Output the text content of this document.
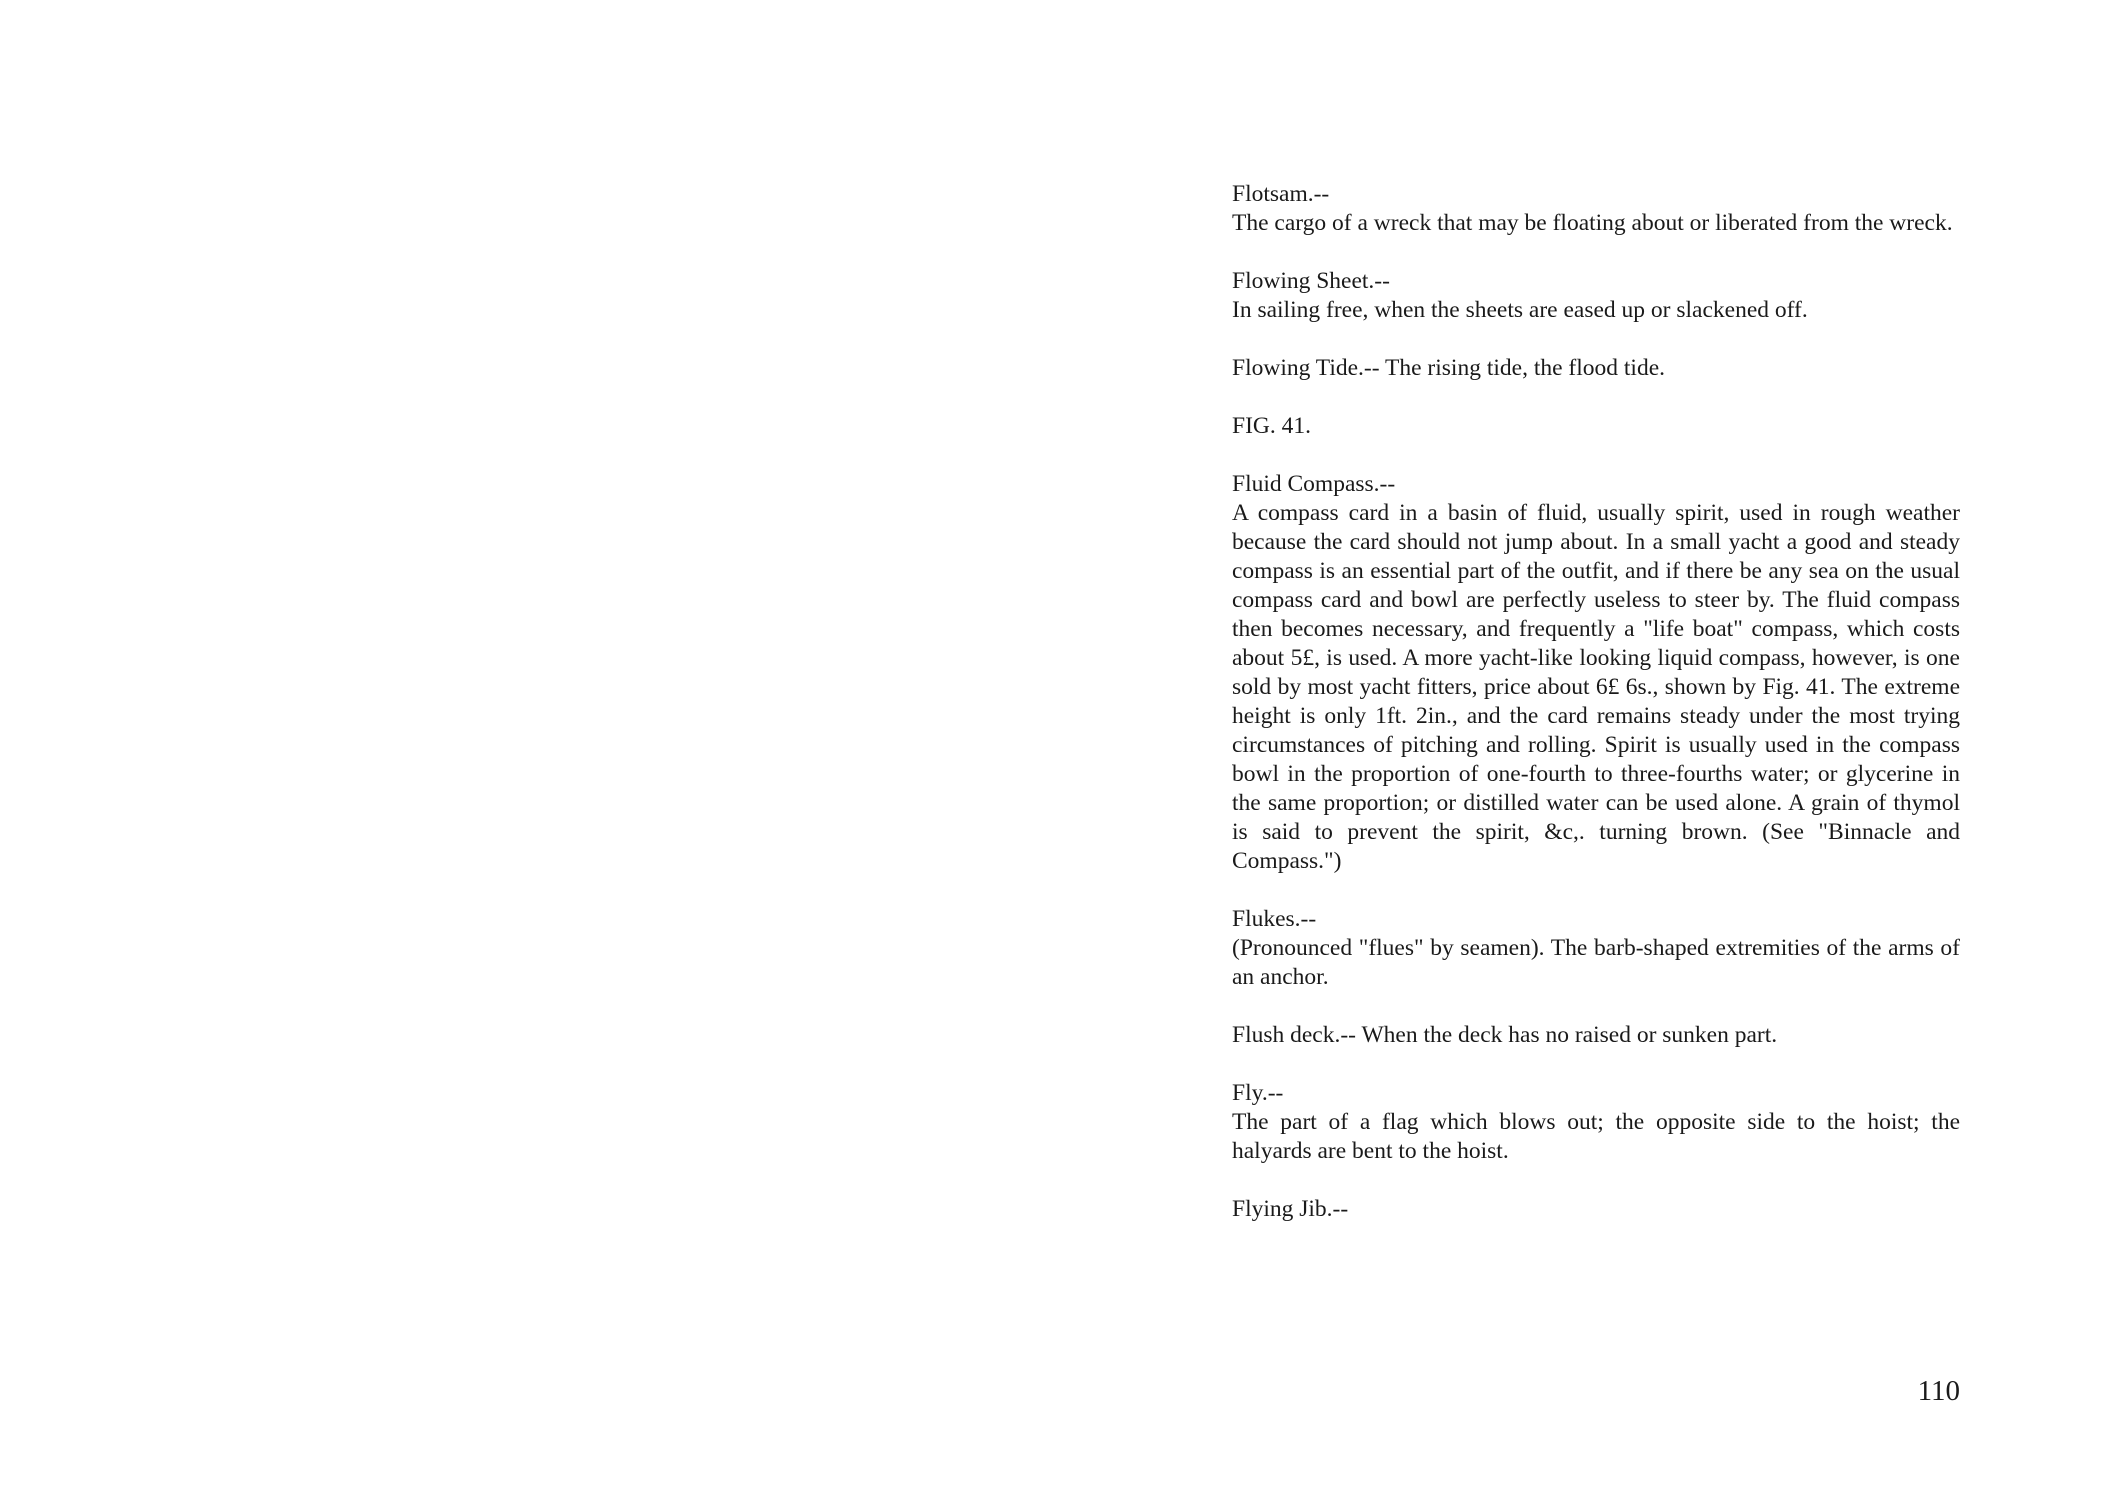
Flotsam.--

The cargo of a wreck that may be floating about or liberated from the wreck.

Flowing Sheet.--

In sailing free, when the sheets are eased up or slackened off.

Flowing Tide.-- The rising tide, the flood tide.

FIG. 41.

Fluid Compass.--

A compass card in a basin of fluid, usually spirit, used in rough weather because the card should not jump about. In a small yacht a good and steady compass is an essential part of the outfit, and if there be any sea on the usual compass card and bowl are perfectly useless to steer by. The fluid compass then becomes necessary, and frequently a "life boat" compass, which costs about 5£, is used. A more yacht-like looking liquid compass, however, is one sold by most yacht fitters, price about 6£ 6s., shown by Fig. 41. The extreme height is only 1ft. 2in., and the card remains steady under the most trying circumstances of pitching and rolling. Spirit is usually used in the compass bowl in the proportion of one-fourth to three-fourths water; or glycerine in the same proportion; or distilled water can be used alone. A grain of thymol is said to prevent the spirit, &c,. turning brown. (See "Binnacle and Compass.")

Flukes.--

(Pronounced "flues" by seamen). The barb-shaped extremities of the arms of an anchor.

Flush deck.-- When the deck has no raised or sunken part.

Fly.--

The part of a flag which blows out; the opposite side to the hoist; the halyards are bent to the hoist.

Flying Jib.--

110
